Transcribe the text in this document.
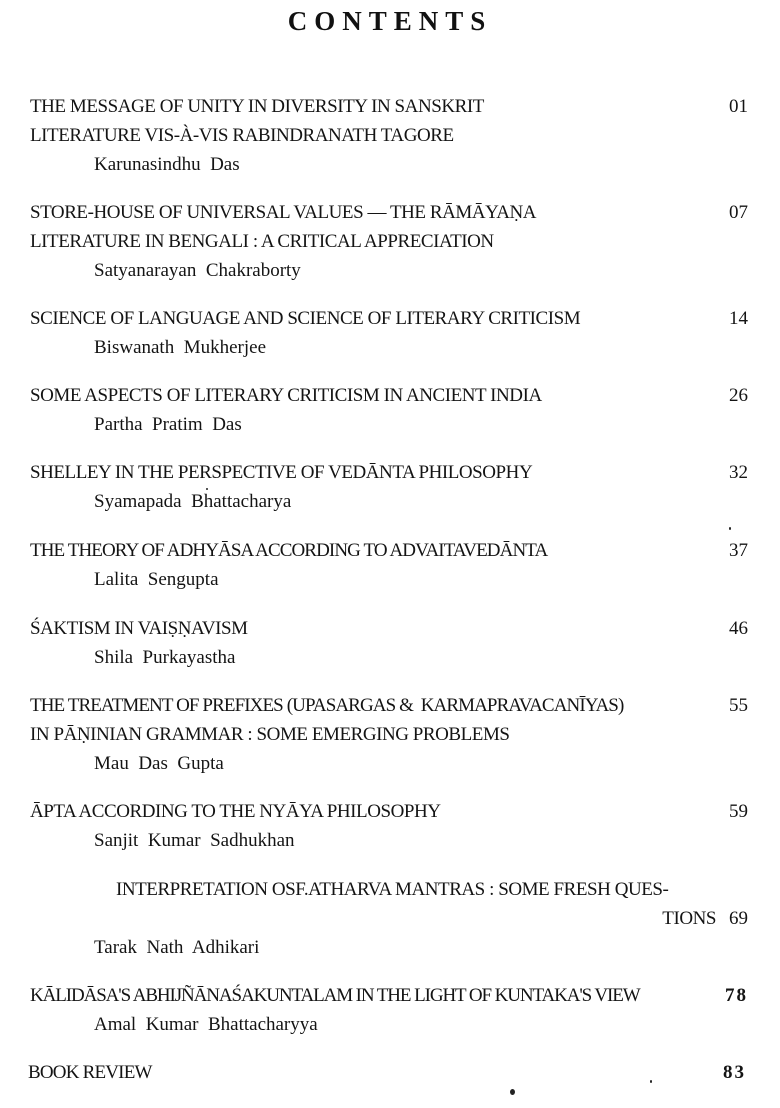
CONTENTS
THE MESSAGE OF UNITY IN DIVERSITY IN SANSKRIT
LITERATURE VIS-À-VIS RABINDRANATH TAGORE
Karunasindhu  Das
01
STORE-HOUSE OF UNIVERSAL VALUES — THE RĀMĀYAṆA
LITERATURE IN BENGALI : A CRITICAL APPRECIATION
Satyanarayan  Chakraborty
07
SCIENCE OF LANGUAGE AND SCIENCE OF LITERARY CRITICISM
Biswanath  Mukherjee
14
SOME ASPECTS OF LITERARY CRITICISM IN ANCIENT INDIA
Partha  Pratim  Das
26
SHELLEY IN THE PERSPECTIVE OF VEDĀNTA PHILOSOPHY
Syamapada  Bhattacharya
32
THE THEORY OF ADHYĀSA ACCORDING TO ADVAITAVEDĀNTA
Lalita  Sengupta
37
ŚAKTISM IN VAIṢṆAVISM
Shila  Purkayastha
46
THE TREATMENT OF PREFIXES (UPASARGAS &  KARMAPRAVACANĪYAS)
IN PĀṆINIAN GRAMMAR : SOME EMERGING PROBLEMS
Mau  Das  Gupta
55
ĀPTA ACCORDING TO THE NYĀYA PHILOSOPHY
Sanjit  Kumar  Sadhukhan
59
INTERPRETATION OSF.ATHARVA MANTRAS : SOME FRESH QUES-
TIONS
Tarak  Nath  Adhikari
69
KĀLIDĀSA'S ABHIJÑĀNAŚAKUNTALAM IN THE LIGHT OF KUNTAKA'S VIEW
Amal  Kumar  Bhattacharyya
78
BOOK REVIEW	83
